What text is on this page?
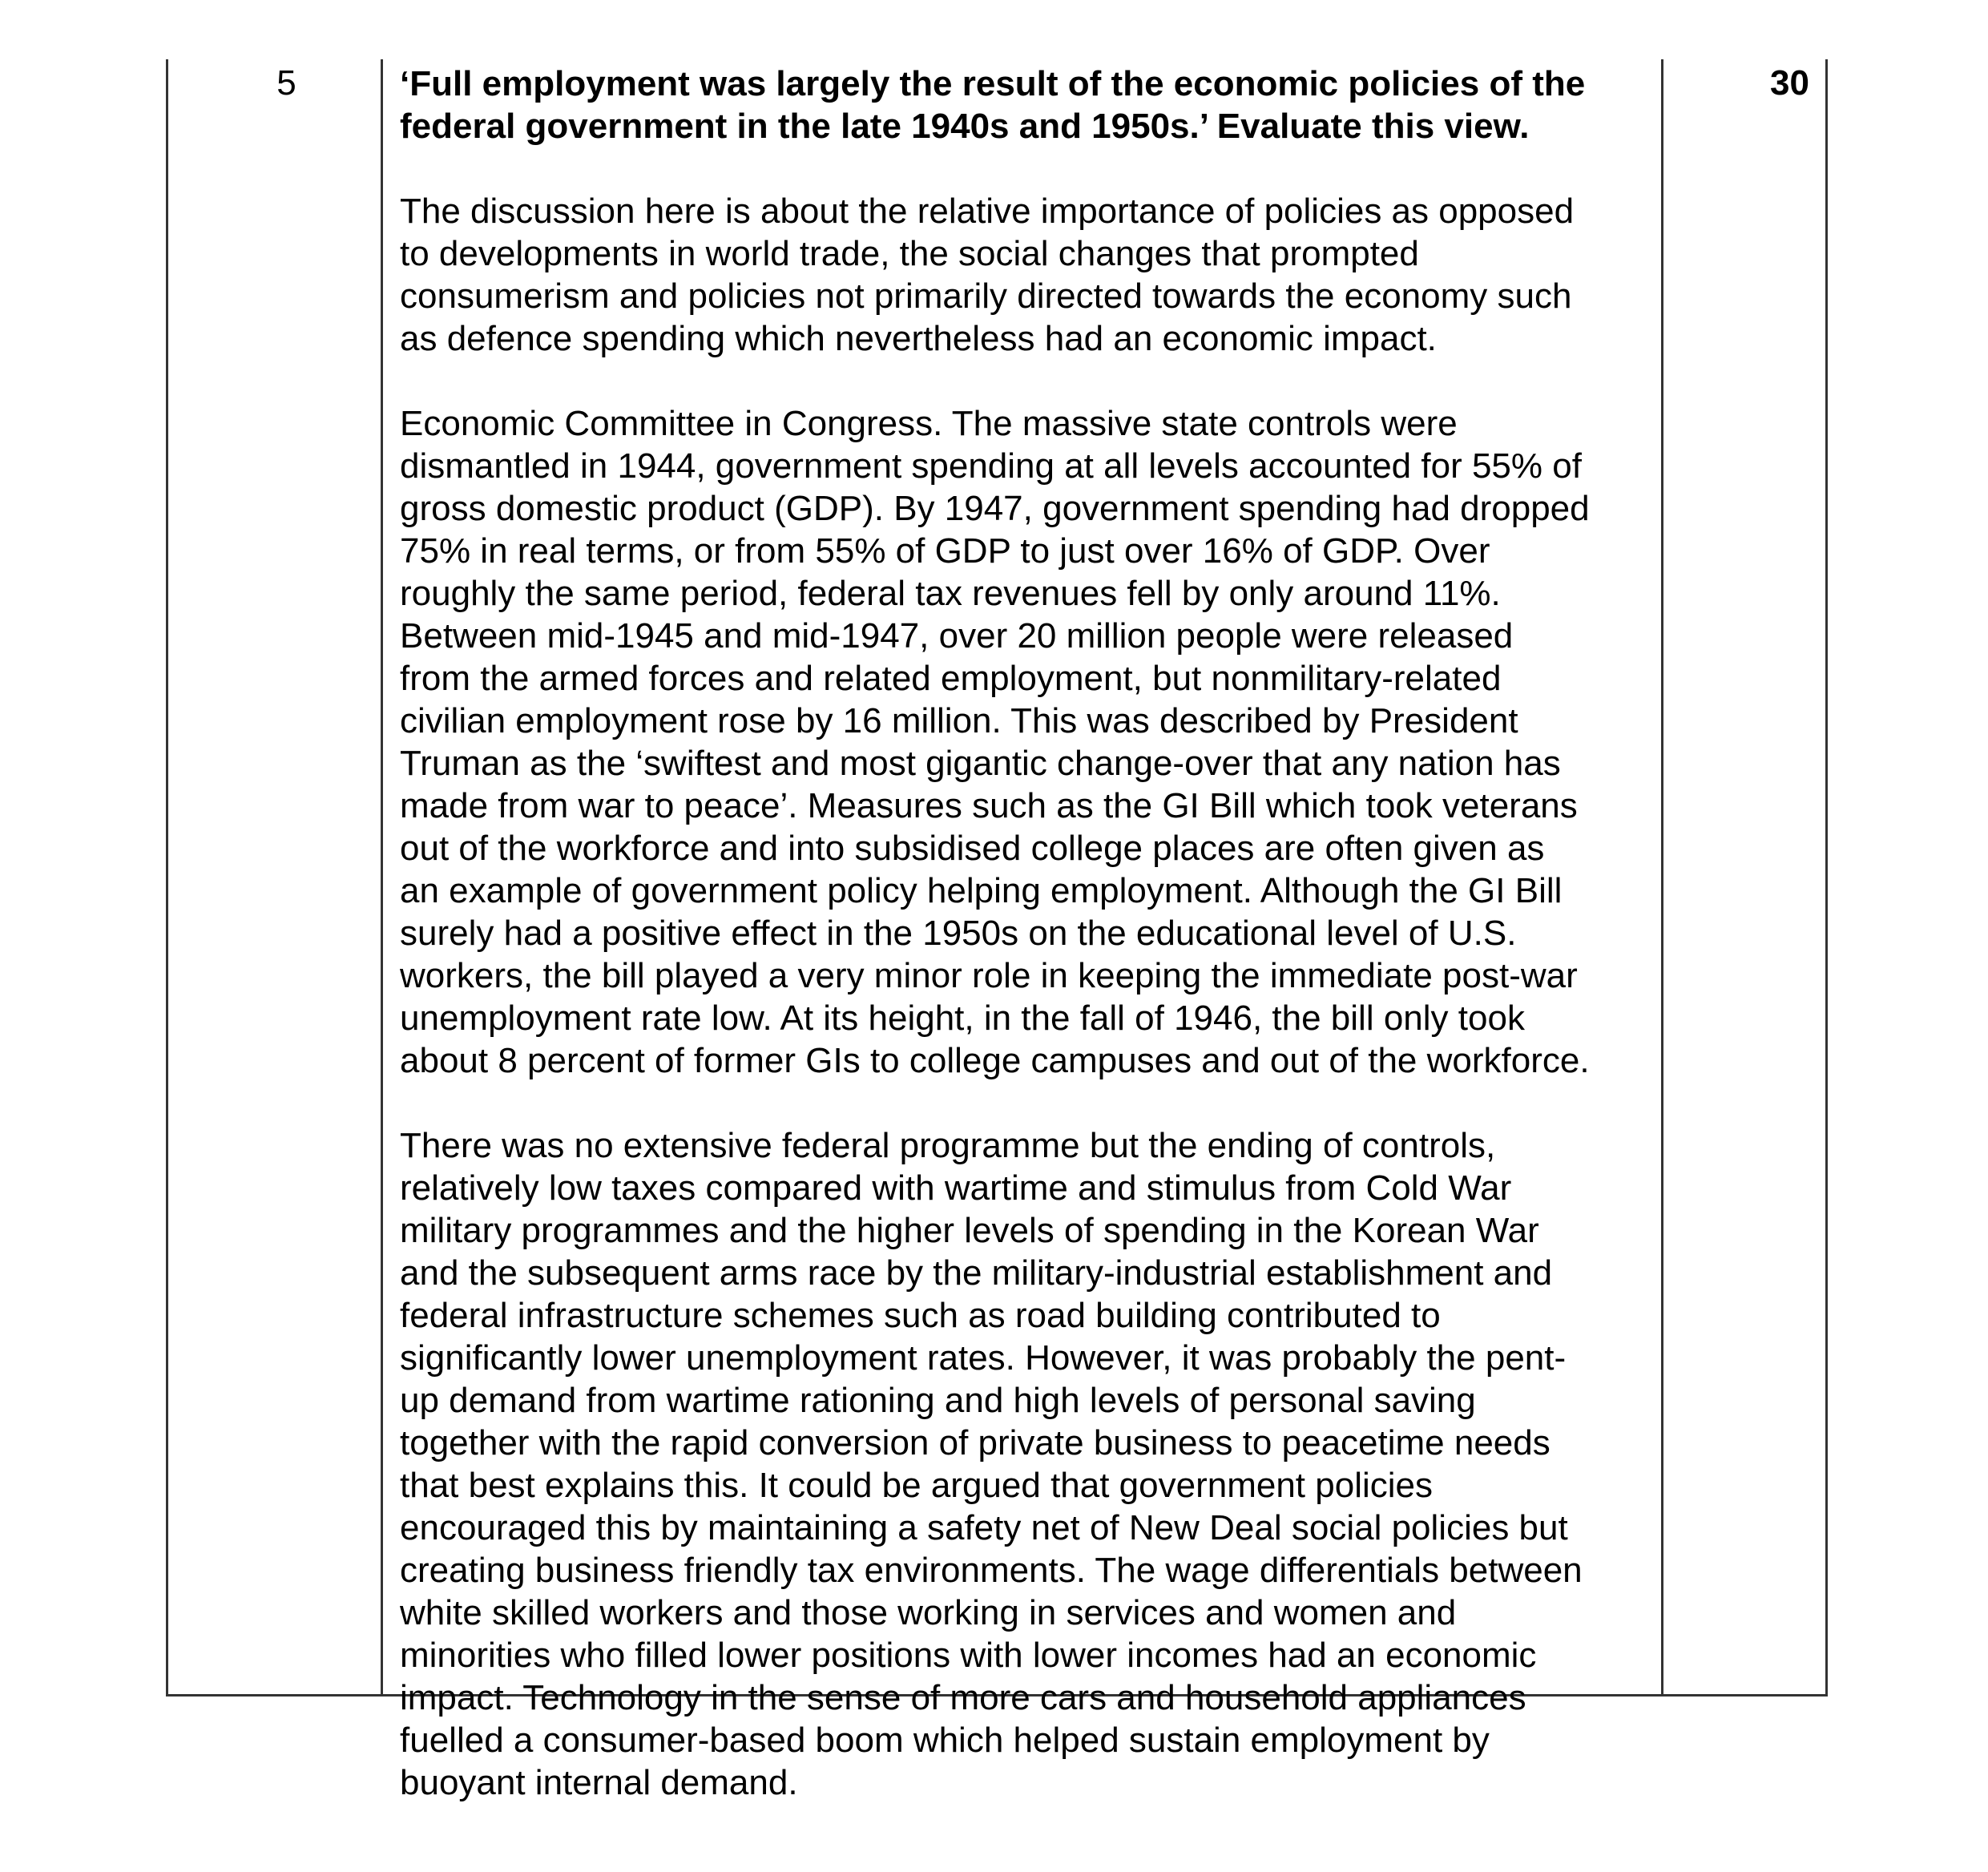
5	‘Full employment was largely the result of the economic policies of the
federal government in the late 1940s and 1950s.’ Evaluate this view.

The discussion here is about the relative importance of policies as opposed
to developments in world trade, the social changes that prompted
consumerism and policies not primarily directed towards the economy such
as defence spending which nevertheless had an economic impact.

Economic Committee in Congress. The massive state controls were
dismantled in 1944, government spending at all levels accounted for 55% of
gross domestic product (GDP). By 1947, government spending had dropped
75% in real terms, or from 55% of GDP to just over 16% of GDP. Over
roughly the same period, federal tax revenues fell by only around 11%.
Between mid-1945 and mid-1947, over 20 million people were released
from the armed forces and related employment, but nonmilitary-related
civilian employment rose by 16 million. This was described by President
Truman as the ‘swiftest and most gigantic change-over that any nation has
made from war to peace’. Measures such as the GI Bill which took veterans
out of the workforce and into subsidised college places are often given as
an example of government policy helping employment. Although the GI Bill
surely had a positive effect in the 1950s on the educational level of U.S.
workers, the bill played a very minor role in keeping the immediate post-war
unemployment rate low. At its height, in the fall of 1946, the bill only took
about 8 percent of former GIs to college campuses and out of the workforce.

There was no extensive federal programme but the ending of controls,
relatively low taxes compared with wartime and stimulus from Cold War
military programmes and the higher levels of spending in the Korean War
and the subsequent arms race by the military-industrial establishment and
federal infrastructure schemes such as road building contributed to
significantly lower unemployment rates. However, it was probably the pent-
up demand from wartime rationing and high levels of personal saving
together with the rapid conversion of private business to peacetime needs
that best explains this. It could be argued that government policies
encouraged this by maintaining a safety net of New Deal social policies but
creating business friendly tax environments. The wage differentials between
white skilled workers and those working in services and women and
minorities who filled lower positions with lower incomes had an economic
impact. Technology in the sense of more cars and household appliances
fuelled a consumer-based boom which helped sustain employment by
buoyant internal demand.

30
